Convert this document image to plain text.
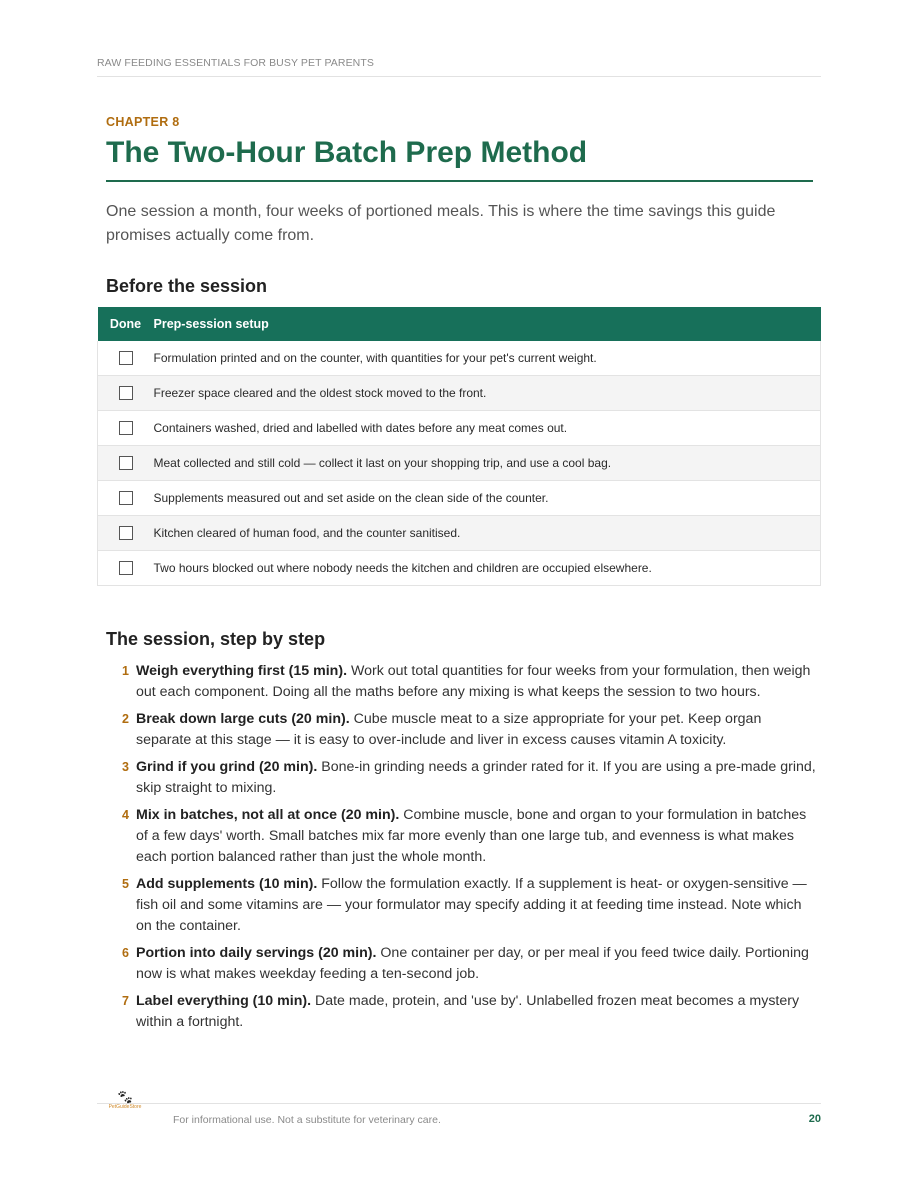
RAW FEEDING ESSENTIALS FOR BUSY PET PARENTS
CHAPTER 8
The Two-Hour Batch Prep Method
One session a month, four weeks of portioned meals. This is where the time savings this guide promises actually come from.
Before the session
Done	Prep-session setup
	Formulation printed and on the counter, with quantities for your pet's current weight.
	Freezer space cleared and the oldest stock moved to the front.
	Containers washed, dried and labelled with dates before any meat comes out.
	Meat collected and still cold — collect it last on your shopping trip, and use a cool bag.
	Supplements measured out and set aside on the clean side of the counter.
	Kitchen cleared of human food, and the counter sanitised.
	Two hours blocked out where nobody needs the kitchen and children are occupied elsewhere.
The session, step by step
1 Weigh everything first (15 min). Work out total quantities for four weeks from your formulation, then weigh out each component. Doing all the maths before any mixing is what keeps the session to two hours.
2 Break down large cuts (20 min). Cube muscle meat to a size appropriate for your pet. Keep organ separate at this stage — it is easy to over-include and liver in excess causes vitamin A toxicity.
3 Grind if you grind (20 min). Bone-in grinding needs a grinder rated for it. If you are using a pre-made grind, skip straight to mixing.
4 Mix in batches, not all at once (20 min). Combine muscle, bone and organ to your formulation in batches of a few days' worth. Small batches mix far more evenly than one large tub, and evenness is what makes each portion balanced rather than just the whole month.
5 Add supplements (10 min). Follow the formulation exactly. If a supplement is heat- or oxygen-sensitive — fish oil and some vitamins are — your formulator may specify adding it at feeding time instead. Note which on the container.
6 Portion into daily servings (20 min). One container per day, or per meal if you feed twice daily. Portioning now is what makes weekday feeding a ten-second job.
7 Label everything (10 min). Date made, protein, and 'use by'. Unlabelled frozen meat becomes a mystery within a fortnight.
🐾︎
PetGuideStore
For informational use. Not a substitute for veterinary care.	20
